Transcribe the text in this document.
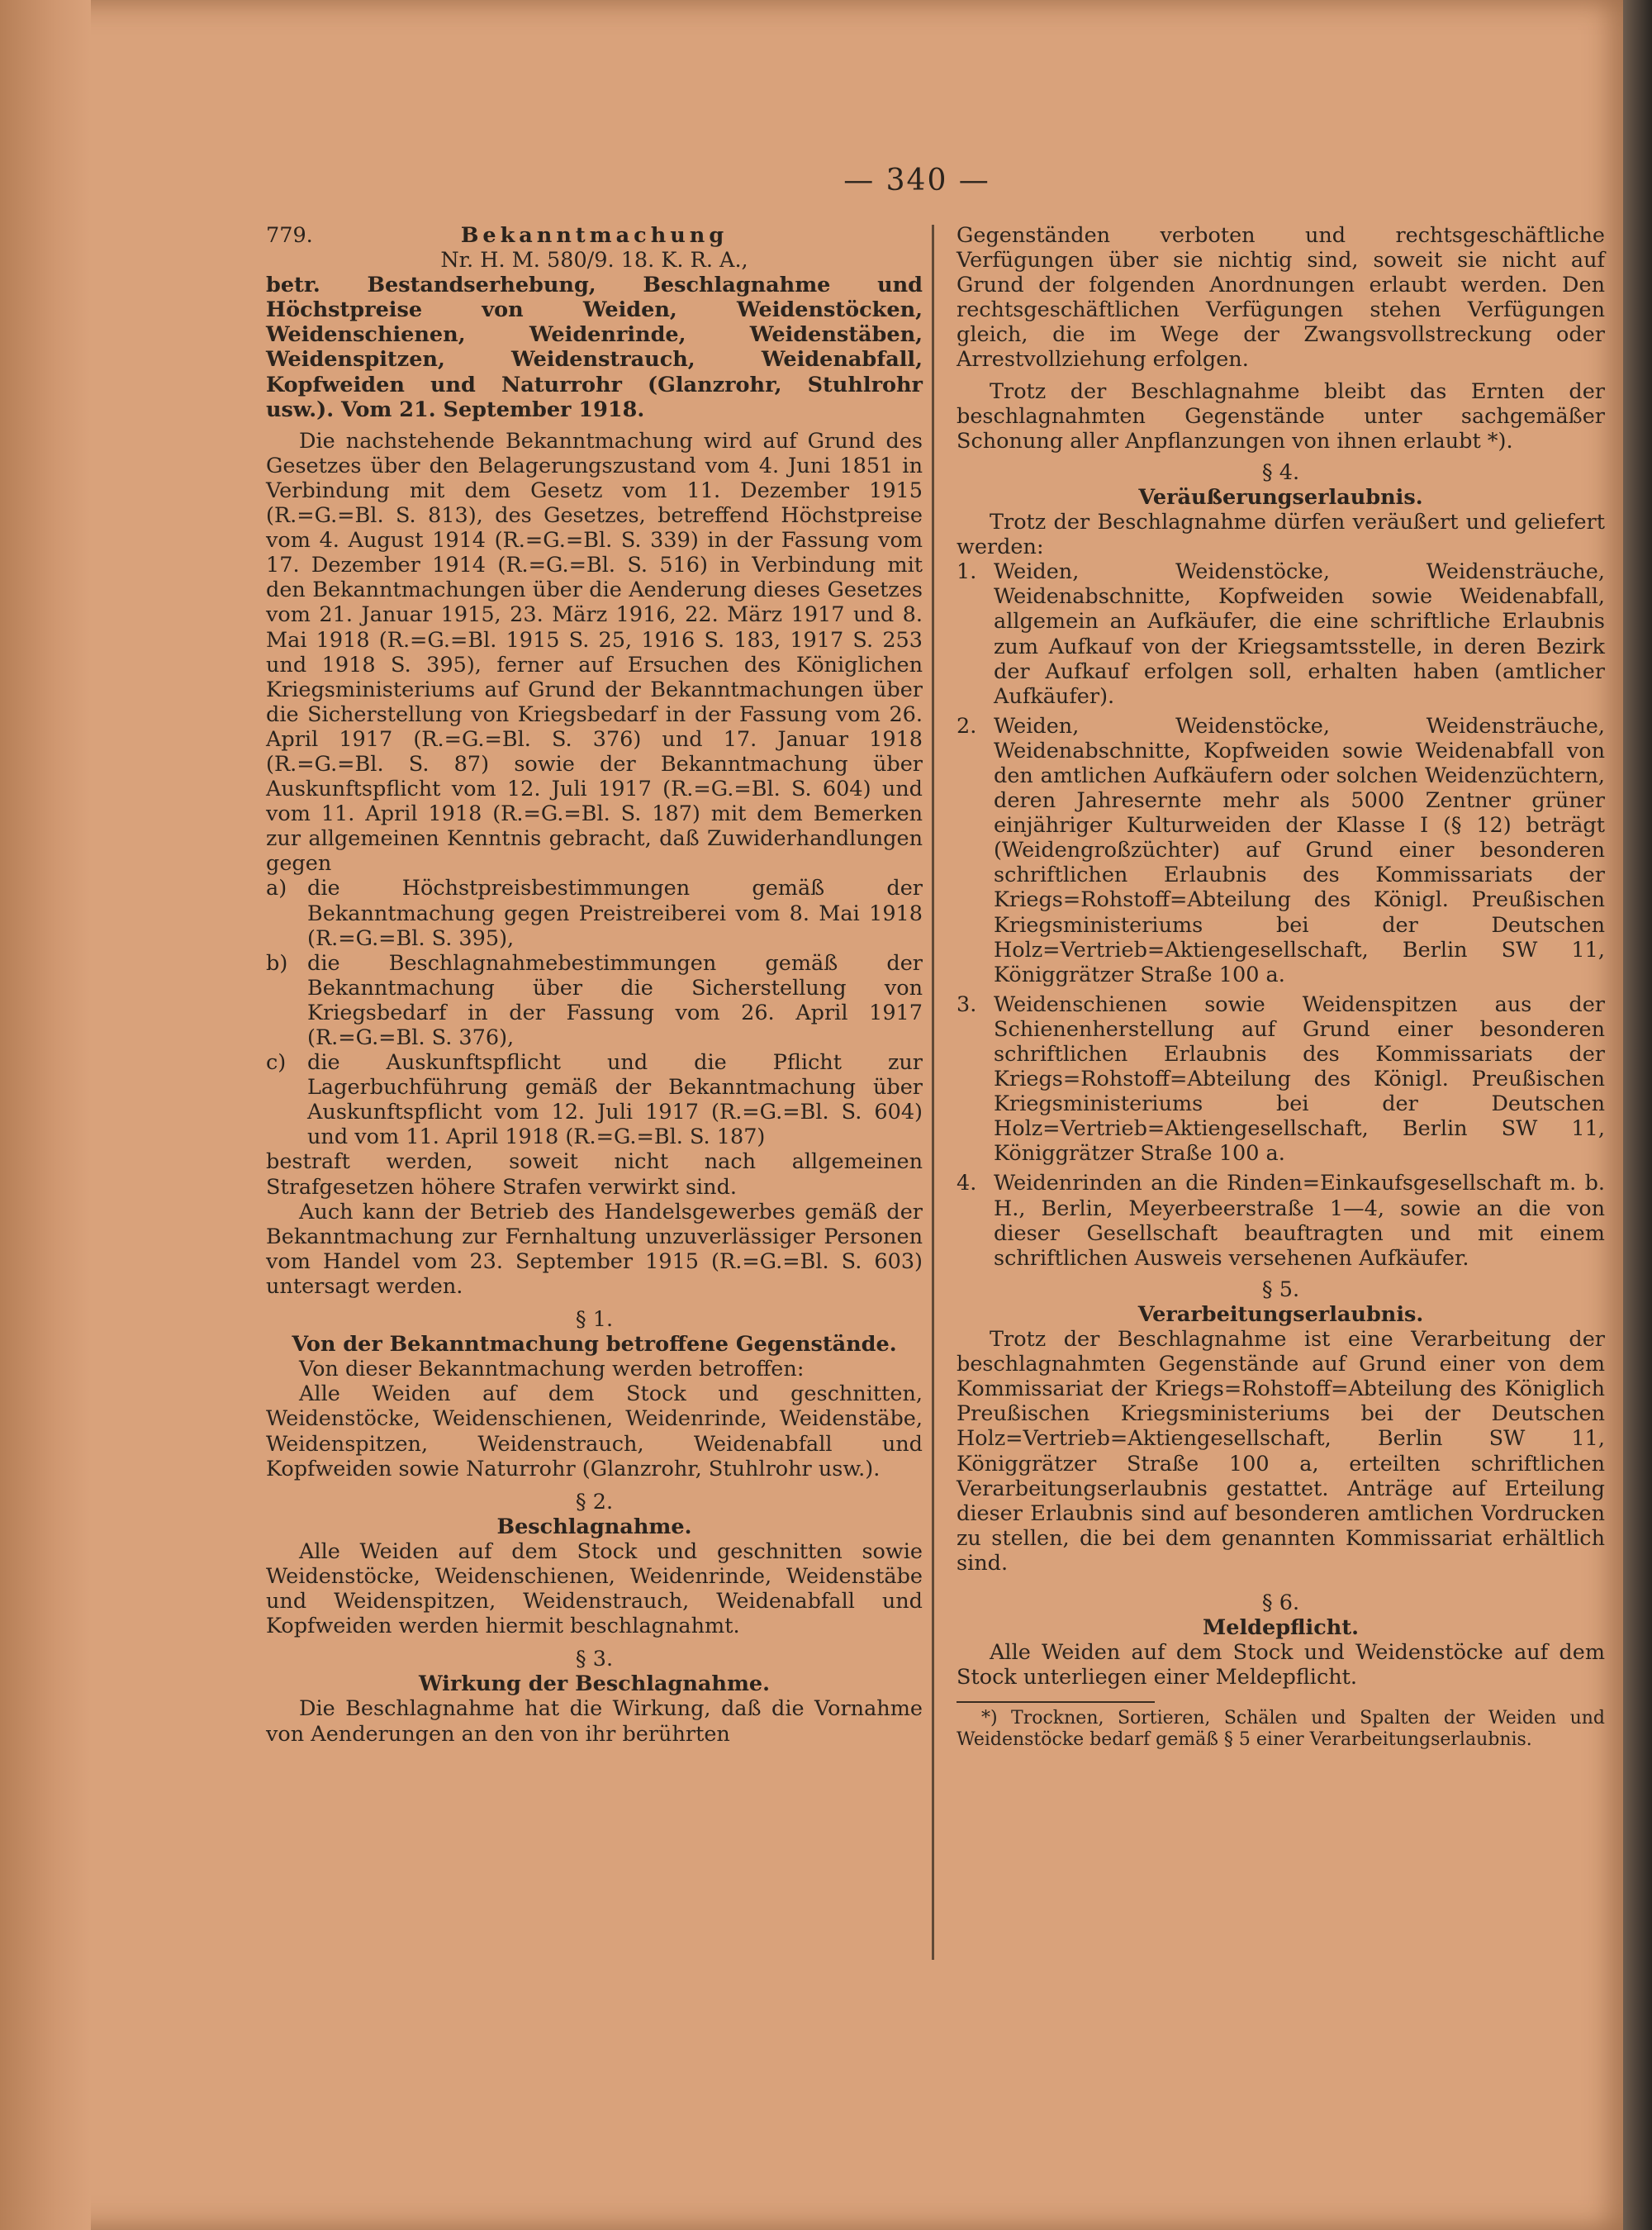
— 340 —
779.	Bekanntmachung

Nr. H. M. 580/9. 18. K. R. A.,

betr. Bestandserhebung, Beschlagnahme und Höchstpreise von Weiden, Weidenstöcken, Weidenschienen, Weidenrinde, Weidenstäben, Weidenspitzen, Weidenstrauch, Weidenabfall, Kopfweiden und Naturrohr (Glanzrohr, Stuhlrohr usw.). Vom 21. September 1918.

Die nachstehende Bekanntmachung wird auf Grund des Gesetzes über den Belagerungszustand vom 4. Juni 1851 in Verbindung mit dem Gesetz vom 11. Dezember 1915 (R.=G.=Bl. S. 813), des Gesetzes, betreffend Höchstpreise vom 4. August 1914 (R.=G.=Bl. S. 339) in der Fassung vom 17. Dezember 1914 (R.=G.=Bl. S. 516) in Verbindung mit den Bekanntmachungen über die Aenderung dieses Gesetzes vom 21. Januar 1915, 23. März 1916, 22. März 1917 und 8. Mai 1918 (R.=G.=Bl. 1915 S. 25, 1916 S. 183, 1917 S. 253 und 1918 S. 395), ferner auf Ersuchen des Königlichen Kriegsministeriums auf Grund der Bekanntmachungen über die Sicherstellung von Kriegsbedarf in der Fassung vom 26. April 1917 (R.=G.=Bl. S. 376) und 17. Januar 1918 (R.=G.=Bl. S. 87) sowie der Bekanntmachung über Auskunftspflicht vom 12. Juli 1917 (R.=G.=Bl. S. 604) und vom 11. April 1918 (R.=G.=Bl. S. 187) mit dem Bemerken zur allgemeinen Kenntnis gebracht, daß Zuwiderhandlungen gegen

a) die Höchstpreisbestimmungen gemäß der Bekanntmachung gegen Preistreiberei vom 8. Mai 1918 (R.=G.=Bl. S. 395),
b) die Beschlagnahmebestimmungen gemäß der Bekanntmachung über die Sicherstellung von Kriegsbedarf in der Fassung vom 26. April 1917 (R.=G.=Bl. S. 376),
c) die Auskunftspflicht und die Pflicht zur Lagerbuchführung gemäß der Bekanntmachung über Auskunftspflicht vom 12. Juli 1917 (R.=G.=Bl. S. 604) und vom 11. April 1918 (R.=G.=Bl. S. 187)

bestraft werden, soweit nicht nach allgemeinen Strafgesetzen höhere Strafen verwirkt sind.

Auch kann der Betrieb des Handelsgewerbes gemäß der Bekanntmachung zur Fernhaltung unzuverlässiger Personen vom Handel vom 23. September 1915 (R.=G.=Bl. S. 603) untersagt werden.

§ 1.

Von der Bekanntmachung betroffene Gegenstände.

Von dieser Bekanntmachung werden betroffen:

Alle Weiden auf dem Stock und geschnitten, Weidenstöcke, Weidenschienen, Weidenrinde, Weidenstäbe, Weidenspitzen, Weidenstrauch, Weidenabfall und Kopfweiden sowie Naturrohr (Glanzrohr, Stuhlrohr usw.).

§ 2.

Beschlagnahme.

Alle Weiden auf dem Stock und geschnitten sowie Weidenstöcke, Weidenschienen, Weidenrinde, Weidenstäbe und Weidenspitzen, Weidenstrauch, Weidenabfall und Kopfweiden werden hiermit beschlagnahmt.

§ 3.

Wirkung der Beschlagnahme.

Die Beschlagnahme hat die Wirkung, daß die Vornahme von Aenderungen an den von ihr berührten

Gegenständen verboten und rechtsgeschäftliche Verfügungen über sie nichtig sind, soweit sie nicht auf Grund der folgenden Anordnungen erlaubt werden. Den rechtsgeschäftlichen Verfügungen stehen Verfügungen gleich, die im Wege der Zwangsvollstreckung oder Arrestvollziehung erfolgen.

Trotz der Beschlagnahme bleibt das Ernten der beschlagnahmten Gegenstände unter sachgemäßer Schonung aller Anpflanzungen von ihnen erlaubt *).

§ 4.

Veräußerungserlaubnis.

Trotz der Beschlagnahme dürfen veräußert und geliefert werden:

1. Weiden, Weidenstöcke, Weidensträuche, Weidenabschnitte, Kopfweiden sowie Weidenabfall, allgemein an Aufkäufer, die eine schriftliche Erlaubnis zum Aufkauf von der Kriegsamtsstelle, in deren Bezirk der Aufkauf erfolgen soll, erhalten haben (amtlicher Aufkäufer).
2. Weiden, Weidenstöcke, Weidensträuche, Weidenabschnitte, Kopfweiden sowie Weidenabfall von den amtlichen Aufkäufern oder solchen Weidenzüchtern, deren Jahresernte mehr als 5000 Zentner grüner einjähriger Kulturweiden der Klasse I (§ 12) beträgt (Weidengroßzüchter) auf Grund einer besonderen schriftlichen Erlaubnis des Kommissariats der Kriegs=Rohstoff=Abteilung des Königl. Preußischen Kriegsministeriums bei der Deutschen Holz=Vertrieb=Aktiengesellschaft, Berlin SW 11, Königgrätzer Straße 100 a.
3. Weidenschienen sowie Weidenspitzen aus der Schienenherstellung auf Grund einer besonderen schriftlichen Erlaubnis des Kommissariats der Kriegs=Rohstoff=Abteilung des Königl. Preußischen Kriegsministeriums bei der Deutschen Holz=Vertrieb=Aktiengesellschaft, Berlin SW 11, Königgrätzer Straße 100 a.
4. Weidenrinden an die Rinden=Einkaufsgesellschaft m. b. H., Berlin, Meyerbeerstraße 1—4, sowie an die von dieser Gesellschaft beauftragten und mit einem schriftlichen Ausweis versehenen Aufkäufer.

§ 5.

Verarbeitungserlaubnis.

Trotz der Beschlagnahme ist eine Verarbeitung der beschlagnahmten Gegenstände auf Grund einer von dem Kommissariat der Kriegs=Rohstoff=Abteilung des Königlich Preußischen Kriegsministeriums bei der Deutschen Holz=Vertrieb=Aktiengesellschaft, Berlin SW 11, Königgrätzer Straße 100 a, erteilten schriftlichen Verarbeitungserlaubnis gestattet. Anträge auf Erteilung dieser Erlaubnis sind auf besonderen amtlichen Vordrucken zu stellen, die bei dem genannten Kommissariat erhältlich sind.

§ 6.

Meldepflicht.

Alle Weiden auf dem Stock und Weidenstöcke auf dem Stock unterliegen einer Meldepflicht.

*) Trocknen, Sortieren, Schälen und Spalten der Weiden und Weidenstöcke bedarf gemäß § 5 einer Verarbeitungserlaubnis.
